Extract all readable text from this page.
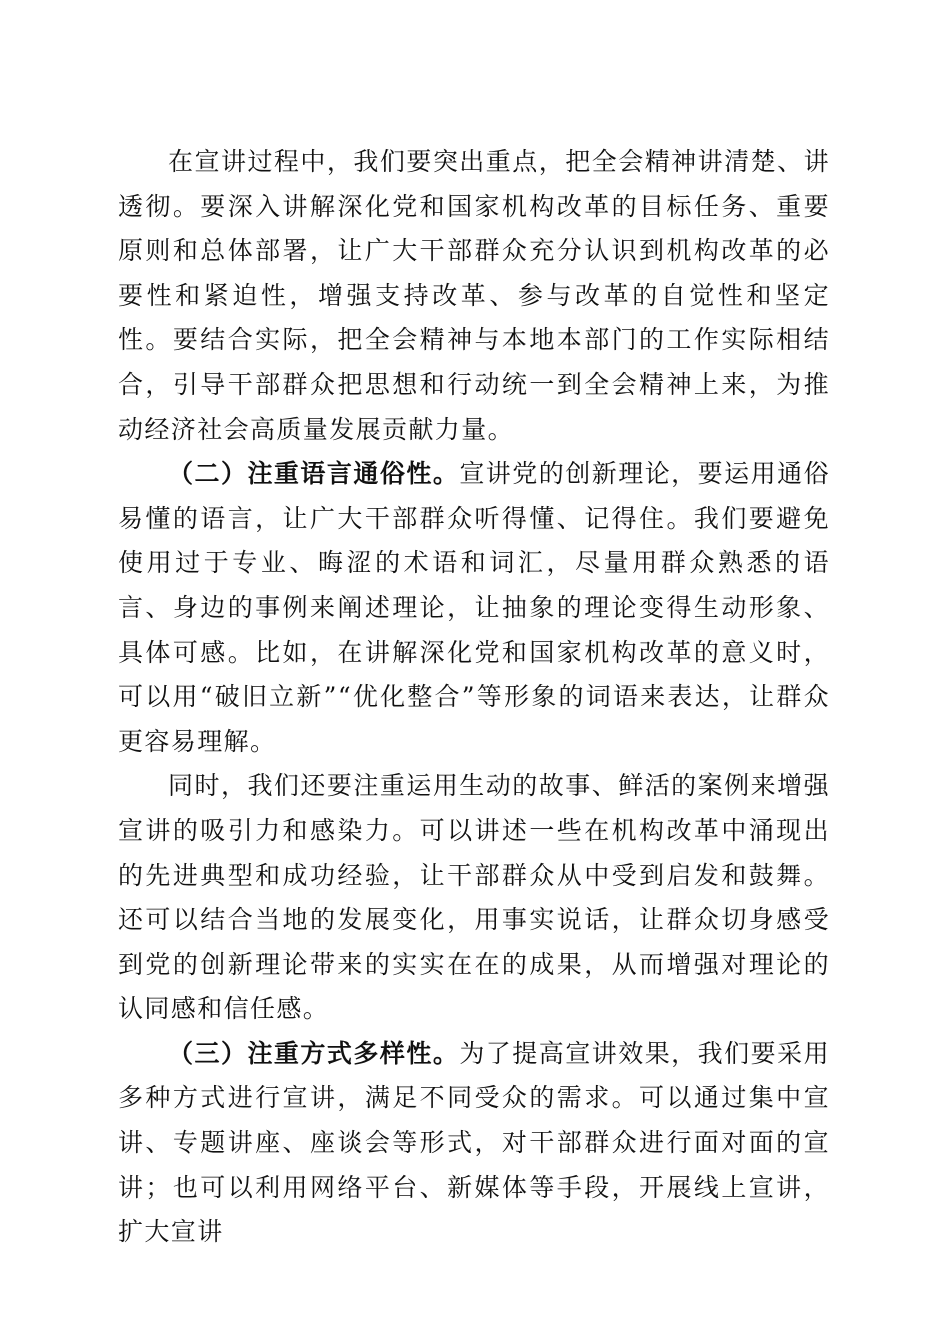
在宣讲过程中，我们要突出重点，把全会精神讲清楚、讲透彻。要深入讲解深化党和国家机构改革的目标任务、重要原则和总体部署，让广大干部群众充分认识到机构改革的必要性和紧迫性，增强支持改革、参与改革的自觉性和坚定性。要结合实际，把全会精神与本地本部门的工作实际相结合，引导干部群众把思想和行动统一到全会精神上来，为推动经济社会高质量发展贡献力量。

（二）注重语言通俗性。宣讲党的创新理论，要运用通俗易懂的语言，让广大干部群众听得懂、记得住。我们要避免使用过于专业、晦涩的术语和词汇，尽量用群众熟悉的语言、身边的事例来阐述理论，让抽象的理论变得生动形象、具体可感。比如，在讲解深化党和国家机构改革的意义时，可以用“破旧立新”“优化整合”等形象的词语来表达，让群众更容易理解。

同时，我们还要注重运用生动的故事、鲜活的案例来增强宣讲的吸引力和感染力。可以讲述一些在机构改革中涌现出的先进典型和成功经验，让干部群众从中受到启发和鼓舞。还可以结合当地的发展变化，用事实说话，让群众切身感受到党的创新理论带来的实实在在的成果，从而增强对理论的认同感和信任感。

（三）注重方式多样性。为了提高宣讲效果，我们要采用多种方式进行宣讲，满足不同受众的需求。可以通过集中宣讲、专题讲座、座谈会等形式，对干部群众进行面对面的宣讲；也可以利用网络平台、新媒体等手段，开展线上宣讲，扩大宣讲
